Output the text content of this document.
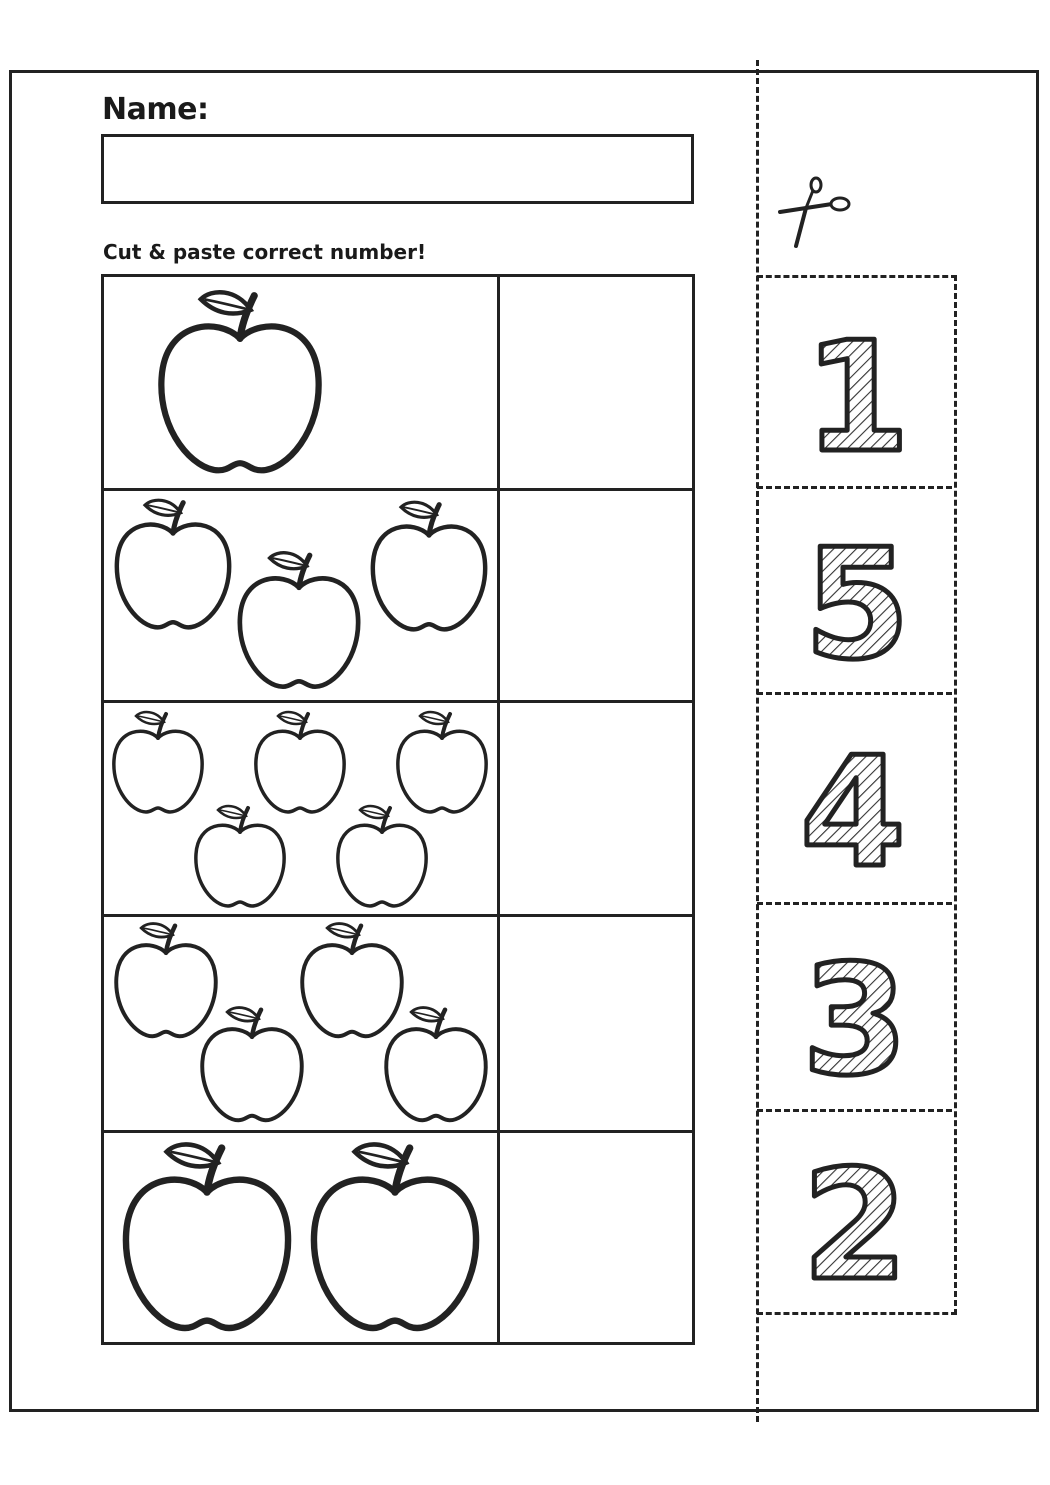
Name:
Cut & paste correct number!
1
5
4
3
2
